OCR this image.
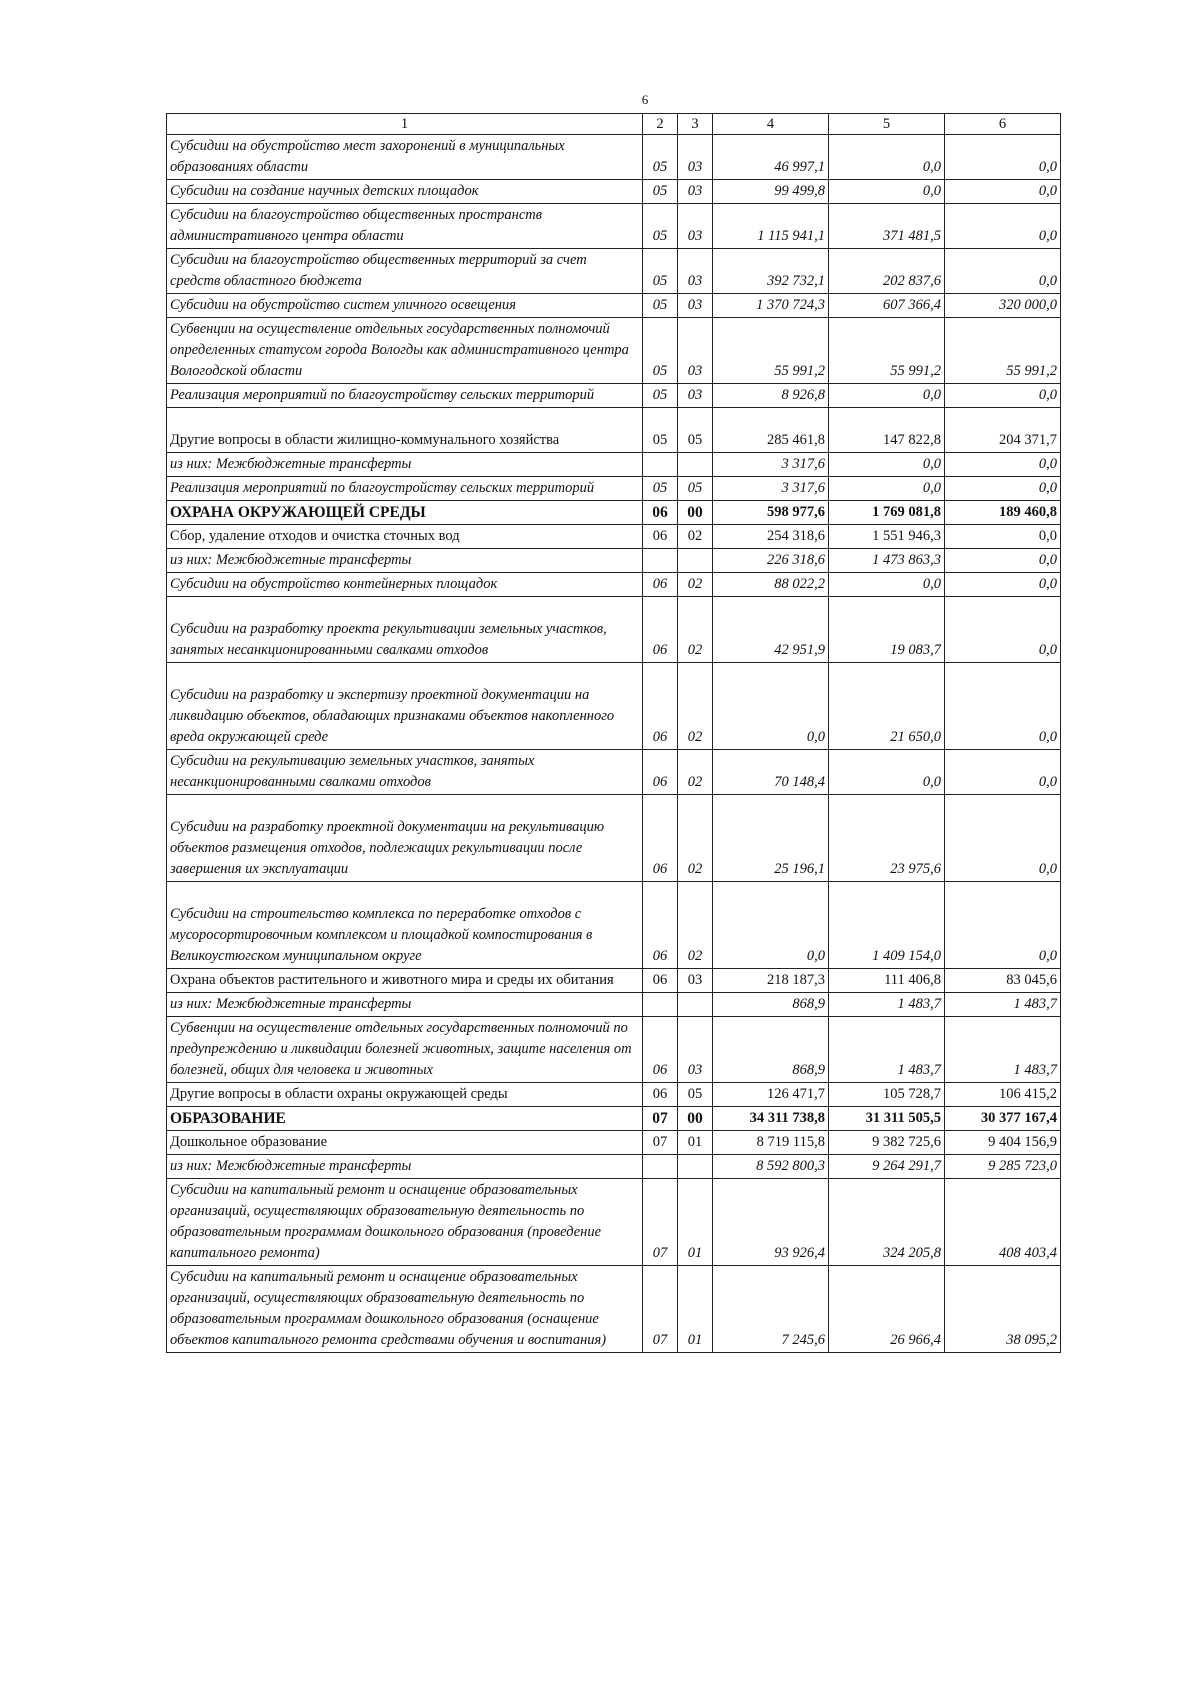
6
1	2	3	4	5	6
Субсидии на обустройство мест захоронений в муниципальных образованиях области	05	03	46 997,1	0,0	0,0
Субсидии на создание научных детских площадок	05	03	99 499,8	0,0	0,0
Субсидии на благоустройство общественных пространств административного центра области	05	03	1 115 941,1	371 481,5	0,0
Субсидии на благоустройство общественных территорий за счет средств областного бюджета	05	03	392 732,1	202 837,6	0,0
Субсидии на обустройство систем уличного освещения	05	03	1 370 724,3	607 366,4	320 000,0
Субвенции на осуществление отдельных государственных полномочий определенных статусом города Вологды как административного центра Вологодской области	05	03	55 991,2	55 991,2	55 991,2
Реализация мероприятий по благоустройству сельских территорий	05	03	8 926,8	0,0	0,0

Другие вопросы в области жилищно-коммунального хозяйства	05	05	285 461,8	147 822,8	204 371,7
из них: Межбюджетные трансферты			3 317,6	0,0	0,0
Реализация мероприятий по благоустройству сельских территорий	05	05	3 317,6	0,0	0,0
ОХРАНА ОКРУЖАЮЩЕЙ СРЕДЫ	06	00	598 977,6	1 769 081,8	189 460,8
Сбор, удаление отходов и очистка сточных вод	06	02	254 318,6	1 551 946,3	0,0
из них: Межбюджетные трансферты			226 318,6	1 473 863,3	0,0
Субсидии на обустройство контейнерных площадок	06	02	88 022,2	0,0	0,0

Субсидии на разработку проекта рекультивации земельных участков, занятых несанкционированными свалками отходов	06	02	42 951,9	19 083,7	0,0

Субсидии на разработку и экспертизу проектной документации на ликвидацию объектов, обладающих признаками объектов накопленного вреда окружающей среде	06	02	0,0	21 650,0	0,0
Субсидии на рекультивацию земельных участков, занятых несанкционированными свалками отходов	06	02	70 148,4	0,0	0,0

Субсидии на разработку проектной документации на рекультивацию объектов размещения отходов, подлежащих рекультивации после завершения их эксплуатации	06	02	25 196,1	23 975,6	0,0

Субсидии на строительство комплекса по переработке отходов с мусоросортировочным комплексом и площадкой компостирования в Великоустюгском муниципальном округе	06	02	0,0	1 409 154,0	0,0
Охрана объектов растительного и животного мира и среды их обитания	06	03	218 187,3	111 406,8	83 045,6
из них: Межбюджетные трансферты			868,9	1 483,7	1 483,7
Субвенции на осуществление отдельных государственных полномочий по предупреждению и ликвидации болезней животных, защите населения от болезней, общих для человека и животных	06	03	868,9	1 483,7	1 483,7
Другие вопросы в области охраны окружающей среды	06	05	126 471,7	105 728,7	106 415,2
ОБРАЗОВАНИЕ	07	00	34 311 738,8	31 311 505,5	30 377 167,4
Дошкольное образование	07	01	8 719 115,8	9 382 725,6	9 404 156,9
из них: Межбюджетные трансферты			8 592 800,3	9 264 291,7	9 285 723,0
Субсидии на капитальный ремонт и оснащение образовательных организаций, осуществляющих образовательную деятельность по образовательным программам дошкольного образования (проведение капитального ремонта)	07	01	93 926,4	324 205,8	408 403,4
Субсидии на капитальный ремонт и оснащение образовательных организаций, осуществляющих образовательную деятельность по образовательным программам дошкольного образования (оснащение объектов капитального ремонта средствами обучения и воспитания)	07	01	7 245,6	26 966,4	38 095,2
